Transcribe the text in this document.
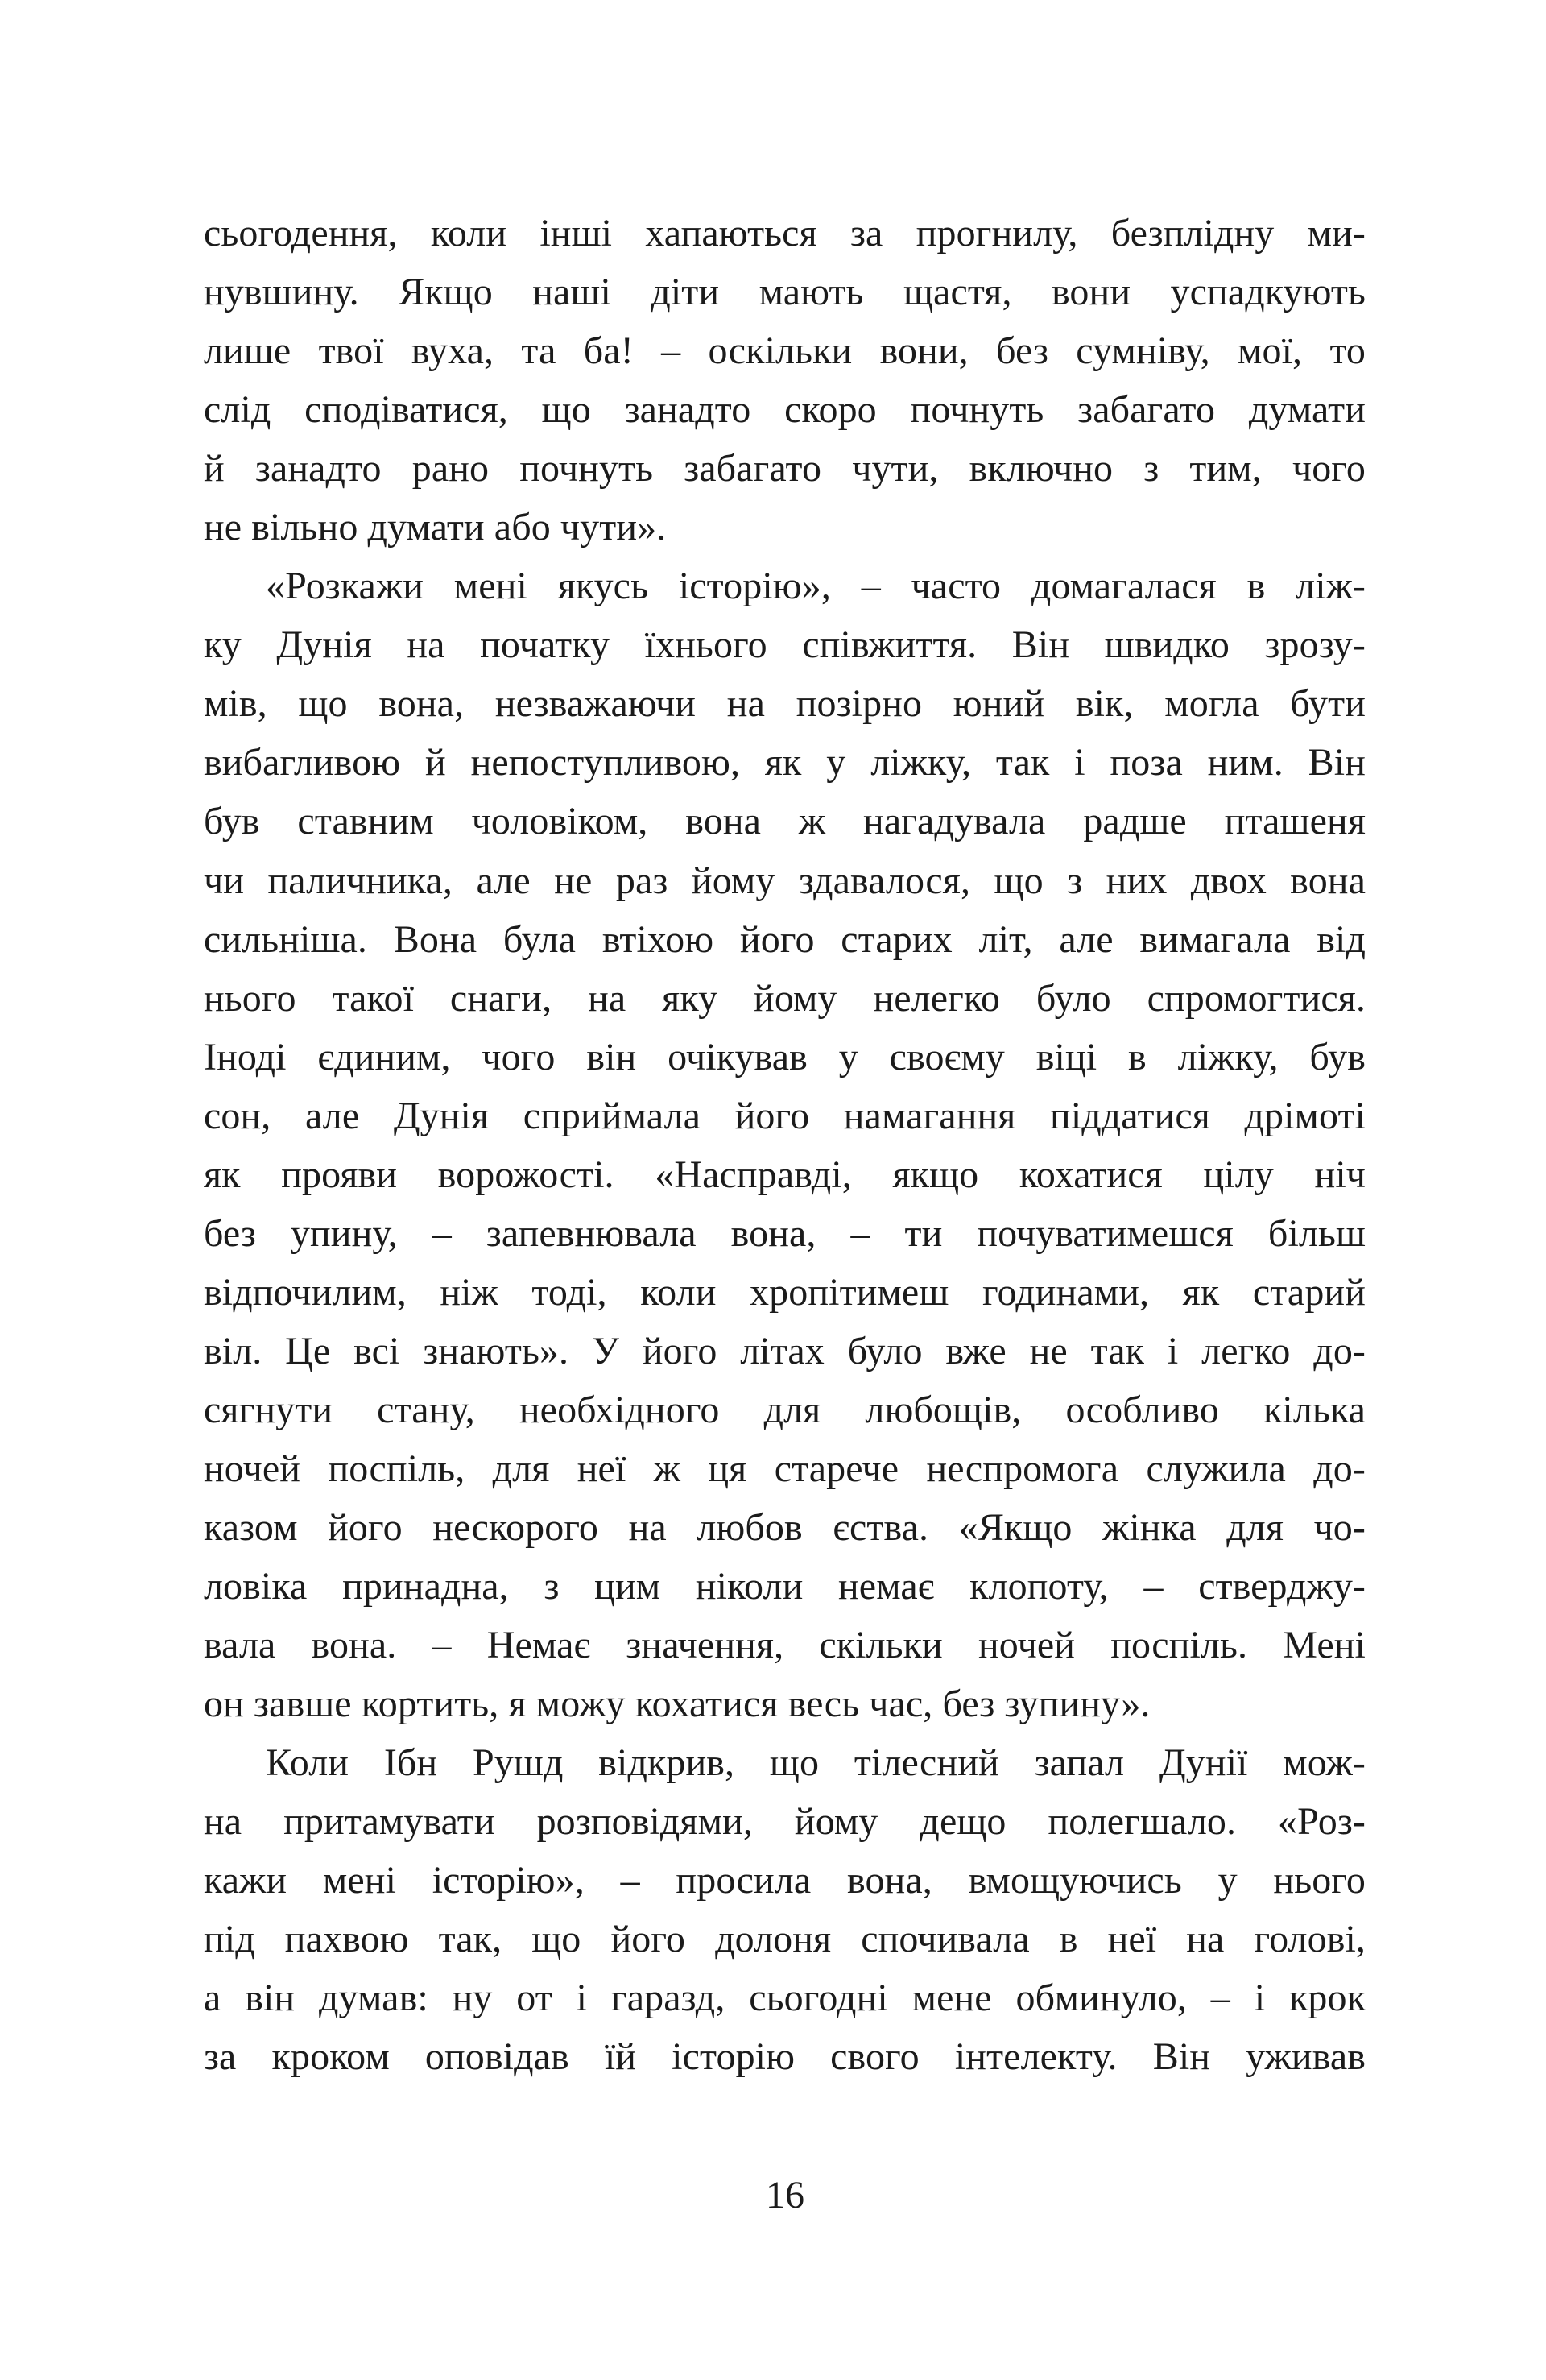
сьогодення, коли інші хапаються за прогнилу, безплідну ми-
нувшину. Якщо наші діти мають щастя, вони успадкують
лише твої вуха, та ба! – оскільки вони, без сумніву, мої, то
слід сподіватися, що занадто скоро почнуть забагато думати
й занадто рано почнуть забагато чути, включно з тим, чого
не вільно думати або чути».
«Розкажи мені якусь історію», – часто домагалася в ліж-
ку Дунія на початку їхнього співжиття. Він швидко зрозу-
мів, що вона, незважаючи на позірно юний вік, могла бути
вибагливою й непоступливою, як у ліжку, так і поза ним. Він
був ставним чоловіком, вона ж нагадувала радше пташеня
чи паличника, але не раз йому здавалося, що з них двох вона
сильніша. Вона була втіхою його старих літ, але вимагала від
нього такої снаги, на яку йому нелегко було спромогтися.
Іноді єдиним, чого він очікував у своєму віці в ліжку, був
сон, але Дунія сприймала його намагання піддатися дрімоті
як прояви ворожості. «Насправді, якщо кохатися цілу ніч
без упину, – запевнювала вона, – ти почуватимешся більш
відпочилим, ніж тоді, коли хропітимеш годинами, як старий
віл. Це всі знають». У його літах було вже не так і легко до-
сягнути стану, необхідного для любощів, особливо кілька
ночей поспіль, для неї ж ця старече неспромога служила до-
казом його нескорого на любов єства. «Якщо жінка для чо-
ловіка принадна, з цим ніколи немає клопоту, – стверджу-
вала вона. – Немає значення, скільки ночей поспіль. Мені
он завше кортить, я можу кохатися весь час, без зупину».
Коли Ібн Рушд відкрив, що тілесний запал Дунії мож-
на притамувати розповідями, йому дещо полегшало. «Роз-
кажи мені історію», – просила вона, вмощуючись у нього
під пахвою так, що його долоня спочивала в неї на голові,
а він думав: ну от і гаразд, сьогодні мене обминуло, – і крок
за кроком оповідав їй історію свого інтелекту. Він уживав
16
